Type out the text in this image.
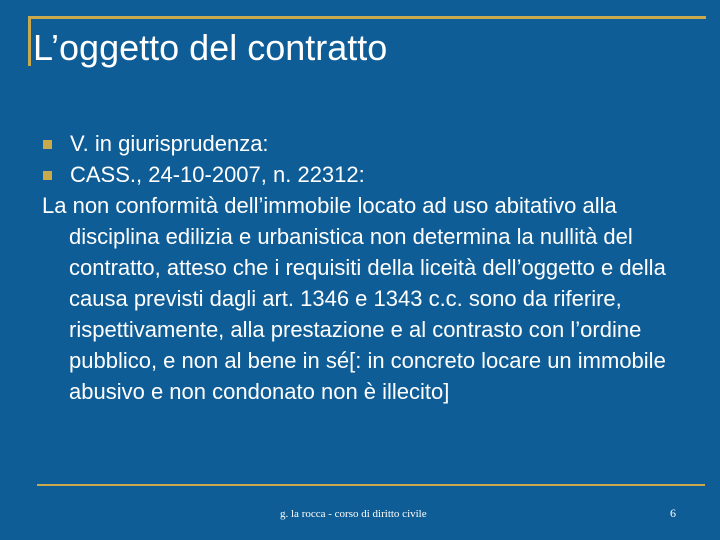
L’oggetto del contratto
V. in giurisprudenza:
CASS., 24-10-2007, n. 22312:
La non conformità dell’immobile locato ad uso abitativo alla disciplina edilizia e urbanistica non determina la nullità del contratto, atteso che i requisiti della liceità dell’oggetto e della causa previsti dagli art. 1346 e 1343 c.c. sono da riferire, rispettivamente, alla prestazione e al contrasto con l’ordine pubblico, e non al bene in sé[: in concreto locare un immobile abusivo e non condonato non è illecito]
g. la rocca - corso di diritto civile	6
